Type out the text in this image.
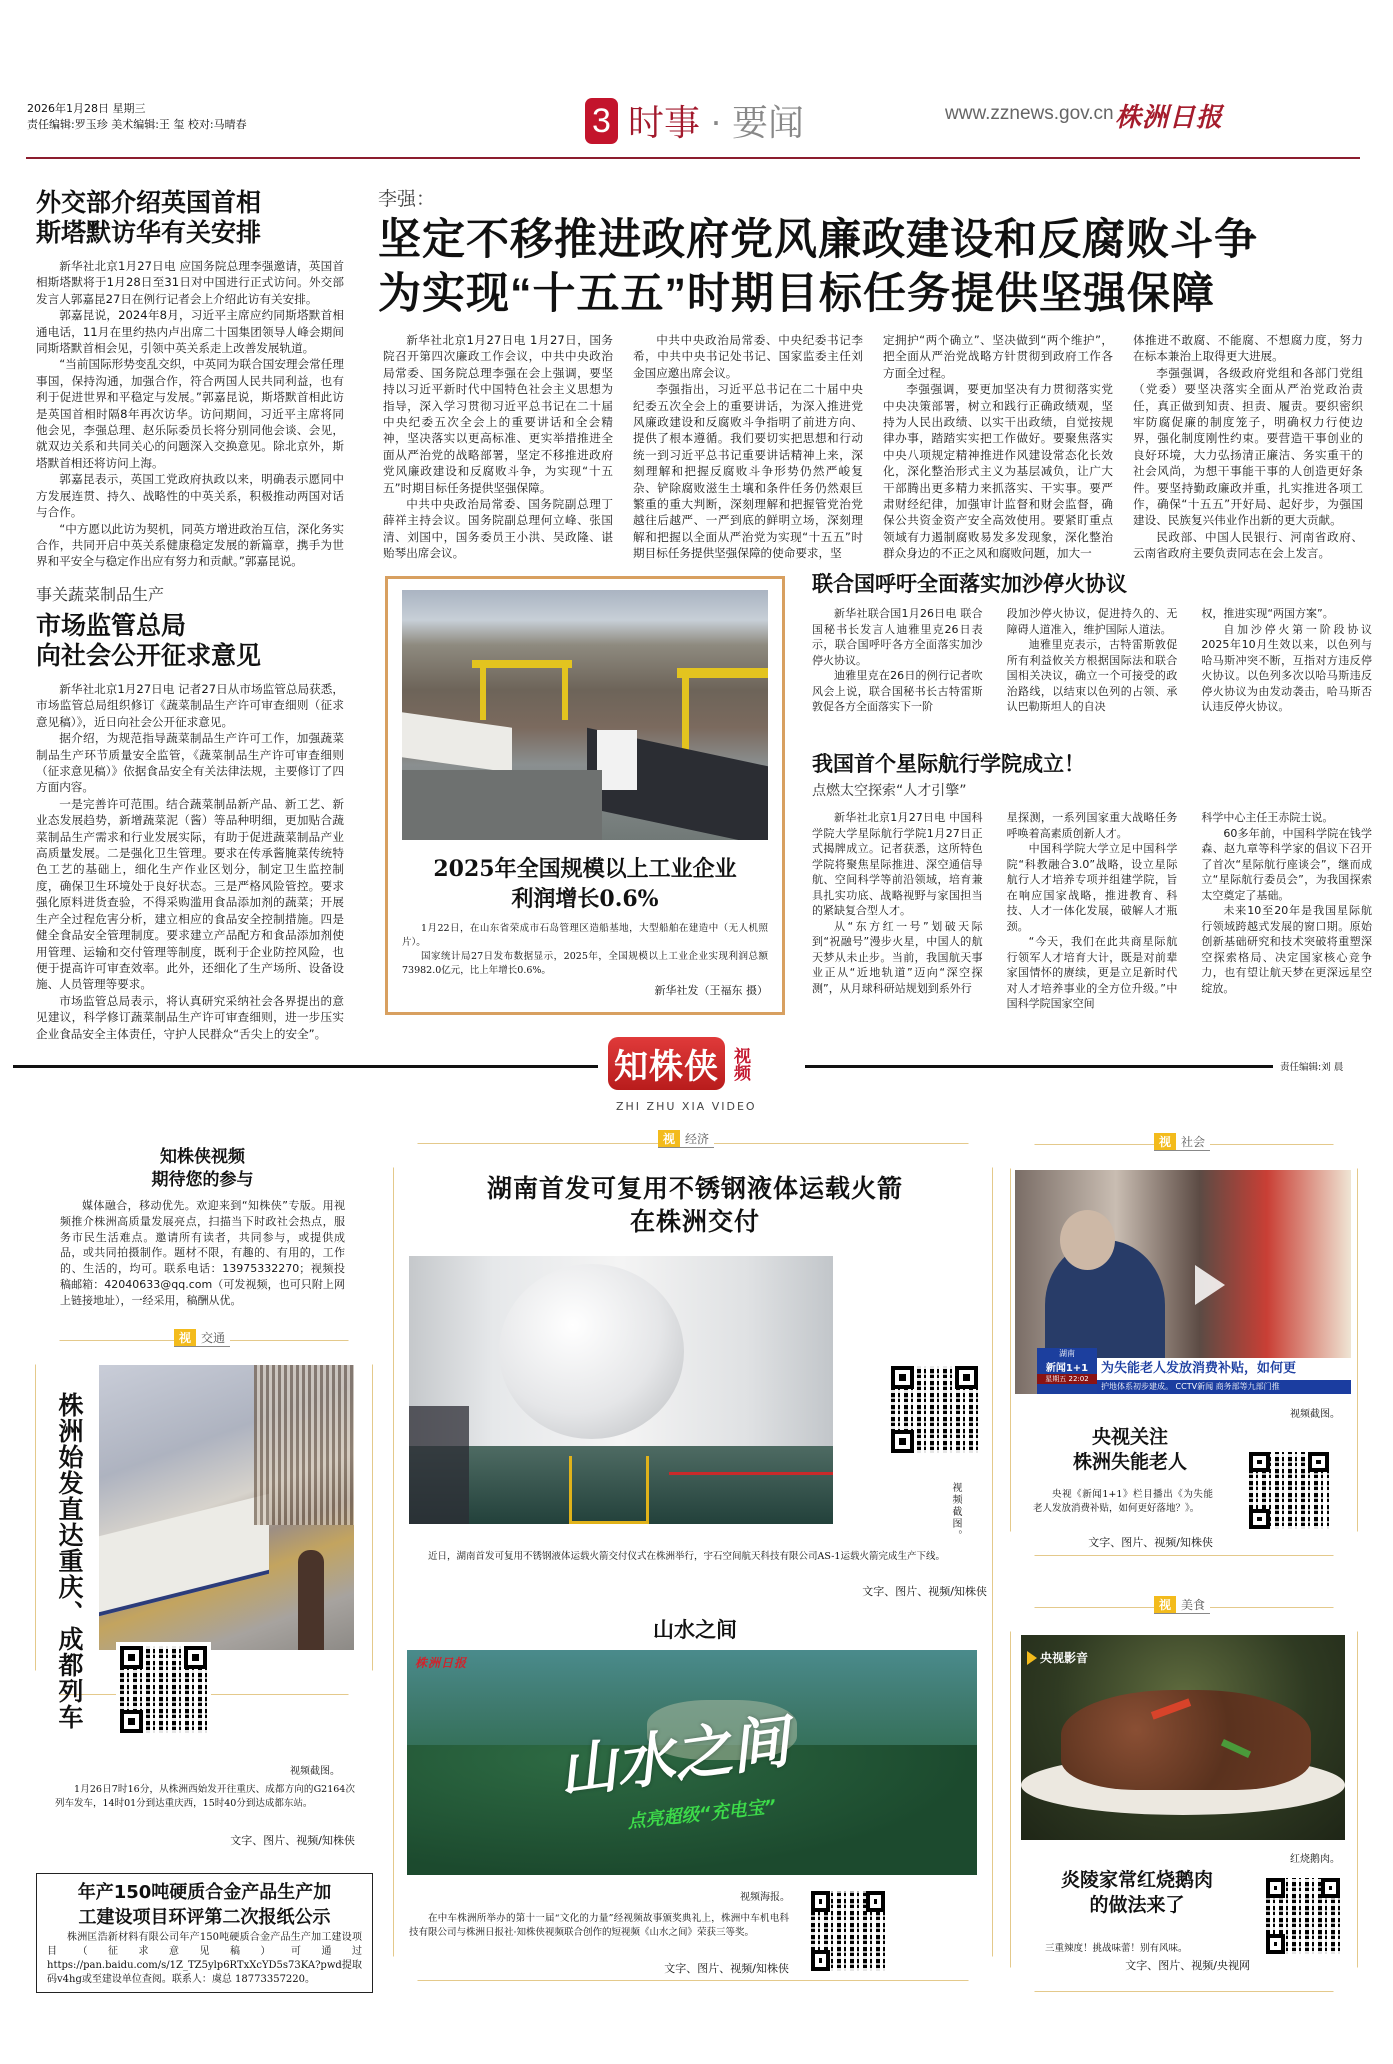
2026年1月28日 星期三
责任编辑:罗玉珍 美术编辑:王 玺 校对:马晴春	3 时事 · 要闻	www.zznews.gov.cn 株洲日报
外交部介绍英国首相
斯塔默访华有关安排

新华社北京1月27日电 应国务院总理李强邀请，英国首相斯塔默将于1月28日至31日对中国进行正式访问。外交部发言人郭嘉昆27日在例行记者会上介绍此访有关安排。

郭嘉昆说，2024年8月，习近平主席应约同斯塔默首相通电话，11月在里约热内卢出席二十国集团领导人峰会期间同斯塔默首相会见，引领中英关系走上改善发展轨道。

“当前国际形势变乱交织，中英同为联合国安理会常任理事国，保持沟通，加强合作，符合两国人民共同利益，也有利于促进世界和平稳定与发展。”郭嘉昆说，斯塔默首相此访是英国首相时隔8年再次访华。访问期间，习近平主席将同他会见，李强总理、赵乐际委员长将分别同他会谈、会见，就双边关系和共同关心的问题深入交换意见。除北京外，斯塔默首相还将访问上海。

郭嘉昆表示，英国工党政府执政以来，明确表示愿同中方发展连贯、持久、战略性的中英关系，积极推动两国对话与合作。

“中方愿以此访为契机，同英方增进政治互信，深化务实合作，共同开启中英关系健康稳定发展的新篇章，携手为世界和平安全与稳定作出应有努力和贡献。”郭嘉昆说。

事关蔬菜制品生产
市场监管总局
向社会公开征求意见

新华社北京1月27日电 记者27日从市场监管总局获悉，市场监管总局组织修订《蔬菜制品生产许可审查细则（征求意见稿）》，近日向社会公开征求意见。

据介绍，为规范指导蔬菜制品生产许可工作，加强蔬菜制品生产环节质量安全监管，《蔬菜制品生产许可审查细则（征求意见稿）》依据食品安全有关法律法规，主要修订了四方面内容。

一是完善许可范围。结合蔬菜制品新产品、新工艺、新业态发展趋势，新增蔬菜泥（酱）等品种明细，更加贴合蔬菜制品生产需求和行业发展实际，有助于促进蔬菜制品产业高质量发展。二是强化卫生管理。要求在传承酱腌菜传统特色工艺的基础上，细化生产作业区划分，制定卫生监控制度，确保卫生环境处于良好状态。三是严格风险管控。要求强化原料进货查验，不得采购滥用食品添加剂的蔬菜；开展生产全过程危害分析，建立相应的食品安全控制措施。四是健全食品安全管理制度。要求建立产品配方和食品添加剂使用管理、运输和交付管理等制度，既利于企业防控风险，也便于提高许可审查效率。此外，还细化了生产场所、设备设施、人员管理等要求。

市场监管总局表示，将认真研究采纳社会各界提出的意见建议，科学修订蔬菜制品生产许可审查细则，进一步压实企业食品安全主体责任，守护人民群众“舌尖上的安全”。

李强：
坚定不移推进政府党风廉政建设和反腐败斗争
为实现“十五五”时期目标任务提供坚强保障

新华社北京1月27日电 1月27日，国务院召开第四次廉政工作会议，中共中央政治局常委、国务院总理李强在会上强调，要坚持以习近平新时代中国特色社会主义思想为指导，深入学习贯彻习近平总书记在二十届中央纪委五次全会上的重要讲话和全会精神，坚决落实以更高标准、更实举措推进全面从严治党的战略部署，坚定不移推进政府党风廉政建设和反腐败斗争，为实现“十五五”时期目标任务提供坚强保障。

中共中央政治局常委、国务院副总理丁薛祥主持会议。国务院副总理何立峰、张国清、刘国中，国务委员王小洪、吴政隆、谌贻琴出席会议。

中共中央政治局常委、中央纪委书记李希，中共中央书记处书记、国家监委主任刘金国应邀出席会议。

李强指出，习近平总书记在二十届中央纪委五次全会上的重要讲话，为深入推进党风廉政建设和反腐败斗争指明了前进方向、提供了根本遵循。我们要切实把思想和行动统一到习近平总书记重要讲话精神上来，深刻理解和把握反腐败斗争形势仍然严峻复杂、铲除腐败滋生土壤和条件任务仍然艰巨繁重的重大判断，深刻理解和把握管党治党越往后越严、一严到底的鲜明立场，深刻理解和把握以全面从严治党为实现“十五五”时期目标任务提供坚强保障的使命要求，坚

定拥护“两个确立”、坚决做到“两个维护”，把全面从严治党战略方针贯彻到政府工作各方面全过程。

李强强调，要更加坚决有力贯彻落实党中央决策部署，树立和践行正确政绩观，坚持为人民出政绩、以实干出政绩，自觉按规律办事，踏踏实实把工作做好。要聚焦落实中央八项规定精神推进作风建设常态化长效化，深化整治形式主义为基层减负，让广大干部腾出更多精力来抓落实、干实事。要严肃财经纪律，加强审计监督和财会监督，确保公共资金资产安全高效使用。要紧盯重点领域有力遏制腐败易发多发现象，深化整治群众身边的不正之风和腐败问题，加大一

体推进不敢腐、不能腐、不想腐力度，努力在标本兼治上取得更大进展。

李强强调，各级政府党组和各部门党组（党委）要坚决落实全面从严治党政治责任，真正做到知责、担责、履责。要织密织牢防腐促廉的制度笼子，明确权力行使边界，强化制度刚性约束。要营造干事创业的良好环境，大力弘扬清正廉洁、务实重干的社会风尚，为想干事能干事的人创造更好条件。要坚持勤政廉政并重，扎实推进各项工作，确保“十五五”开好局、起好步，为强国建设、民族复兴伟业作出新的更大贡献。

民政部、中国人民银行、河南省政府、云南省政府主要负责同志在会上发言。

2025年全国规模以上工业企业
利润增长0.6%

1月22日，在山东省荣成市石岛管理区造船基地，大型船舶在建造中（无人机照片）。

国家统计局27日发布数据显示，2025年，全国规模以上工业企业实现利润总额73982.0亿元，比上年增长0.6%。

新华社发（王福东 摄）
联合国呼吁全面落实加沙停火协议

新华社联合国1月26日电 联合国秘书长发言人迪雅里克26日表示，联合国呼吁各方全面落实加沙停火协议。

迪雅里克在26日的例行记者吹风会上说，联合国秘书长古特雷斯敦促各方全面落实下一阶

段加沙停火协议，促进持久的、无障碍人道准入，维护国际人道法。

迪雅里克表示，古特雷斯敦促所有利益攸关方根据国际法和联合国相关决议，确立一个可接受的政治路线，以结束以色列的占领、承认巴勒斯坦人的自决

权，推进实现“两国方案”。

自加沙停火第一阶段协议2025年10月生效以来，以色列与哈马斯冲突不断，互指对方违反停火协议。以色列多次以哈马斯违反停火协议为由发动袭击，哈马斯否认违反停火协议。

我国首个星际航行学院成立！
点燃太空探索“人才引擎”

新华社北京1月27日电 中国科学院大学星际航行学院1月27日正式揭牌成立。记者获悉，这所特色学院将聚焦星际推进、深空通信导航、空间科学等前沿领域，培育兼具扎实功底、战略视野与家国担当的紧缺复合型人才。

从“东方红一号”划破天际到“祝融号”漫步火星，中国人的航天梦从未止步。当前，我国航天事业正从“近地轨道”迈向“深空探测”，从月球科研站规划到系外行

星探测，一系列国家重大战略任务呼唤着高素质创新人才。

中国科学院大学立足中国科学院“科教融合3.0”战略，设立星际航行人才培养专项并组建学院，旨在响应国家战略，推进教育、科技、人才一体化发展，破解人才瓶颈。

“今天，我们在此共商星际航行领军人才培育大计，既是对前辈家国情怀的赓续，更是立足新时代对人才培养事业的全方位升级。”中国科学院国家空间

科学中心主任王赤院士说。

60多年前，中国科学院在钱学森、赵九章等科学家的倡议下召开了首次“星际航行座谈会”，继而成立“星际航行委员会”，为我国探索太空奠定了基础。

未来10至20年是我国星际航行领域跨越式发展的窗口期。原始创新基础研究和技术突破将重塑深空探索格局、决定国家核心竞争力，也有望让航天梦在更深远星空绽放。

知株侠 视频
ZHI ZHU XIA VIDEO
责任编辑:刘 晨
知株侠视频
期待您的参与

媒体融合，移动优先。欢迎来到“知株侠”专版。用视频推介株洲高质量发展亮点，扫描当下时政社会热点，服务市民生活难点。邀请所有读者，共同参与，或提供成品，或共同拍摄制作。题材不限，有趣的、有用的，工作的、生活的，均可。联系电话：13975332270；视频投稿邮箱：42040633@qq.com（可发视频，也可只附上网上链接地址），一经采用，稿酬从优。

视 交通
株洲始发直达重庆、成都列车
视频截图。

1月26日7时16分，从株洲西始发开往重庆、成都方向的G2164次列车发车，14时01分到达重庆西，15时40分到达成都东站。

文字、图片、视频/知株侠
年产150吨硬质合金产品生产加
工建设项目环评第二次报纸公示
株洲匡浩新材料有限公司年产150吨硬质合金产品生产加工建设项目（征求意见稿）可通过https://pan.baidu.com/s/1Z_TZ5ylp6RTxXcYD5s73KA?pwd提取码v4hg或至建设单位查阅。联系人：虞总 18773357220。
视 经济
湖南首发可复用不锈钢液体运载火箭
在株洲交付
视频截图。

近日，湖南首发可复用不锈钢液体运载火箭交付仪式在株洲举行，宇石空间航天科技有限公司AS-1运载火箭完成生产下线。

文字、图片、视频/知株侠
山水之间
株洲日报
山水之间
点亮超级“充电宝”
视频海报。

在中车株洲所举办的第十一届“文化的力量”经视频故事颁奖典礼上，株洲中车机电科技有限公司与株洲日报社·知株侠视频联合创作的短视频《山水之间》荣获三等奖。

文字、图片、视频/知株侠
视 社会
湖南
新闻1+1
星期五 22:02
为失能老人发放消费补贴，如何更
护地体系初步建成。 CCTV新闻 商务部等九部门推
视频截图。
央视关注
株洲失能老人

央视《新闻1+1》栏目播出《为失能老人发放消费补贴，如何更好落地？》。

文字、图片、视频/知株侠
视 美食
央视影音
红烧鹅肉。
炎陵家常红烧鹅肉
的做法来了
三重辣度！挑战味蕾！别有风味。
文字、图片、视频/央视网
